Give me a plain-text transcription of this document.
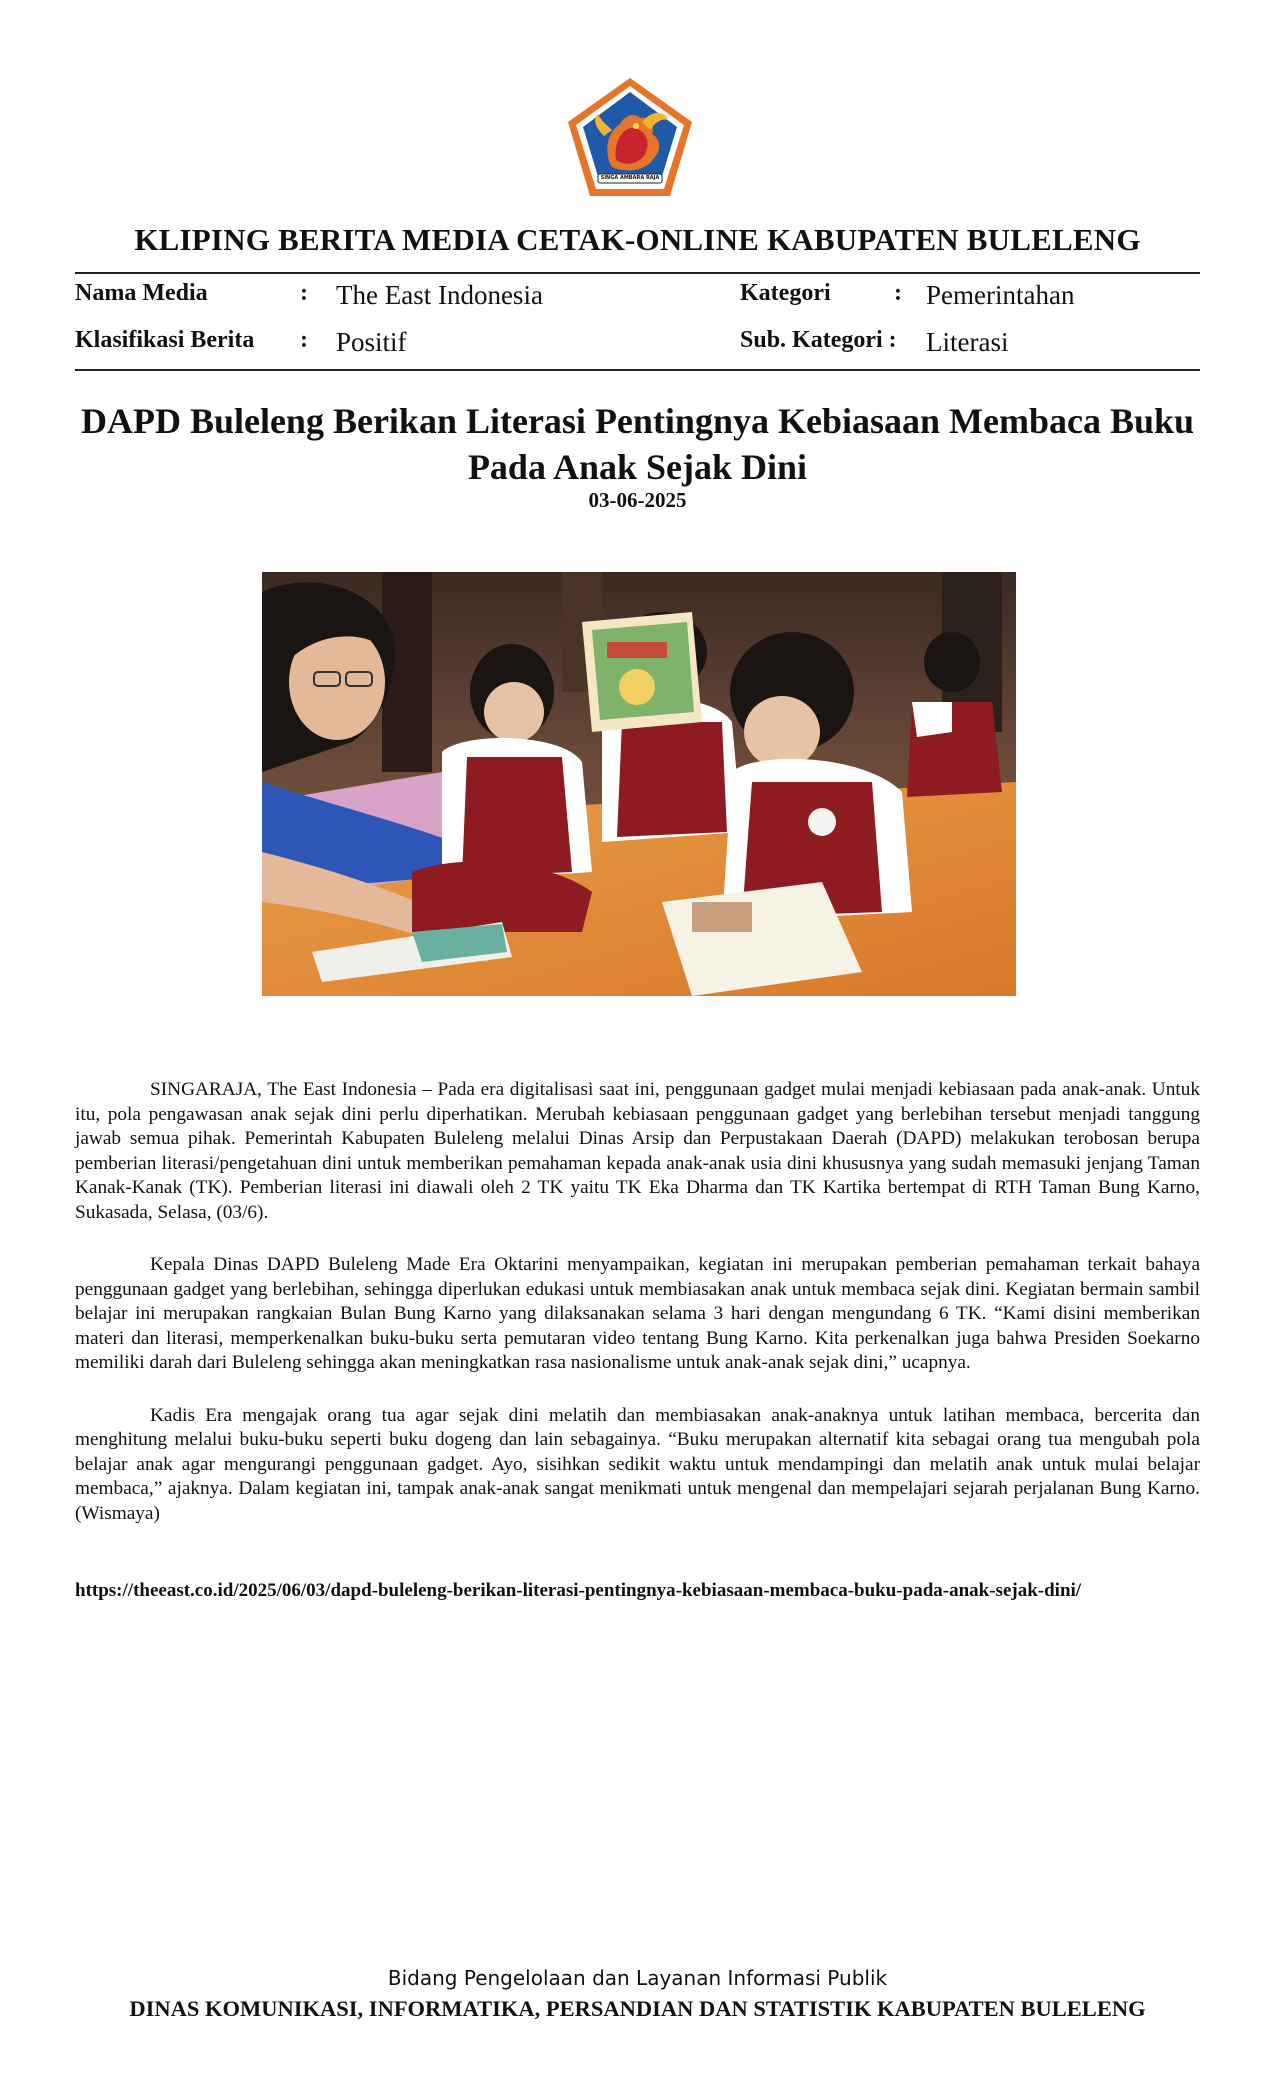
SINGA AMBARA RAJA
KLIPING BERITA MEDIA CETAK-ONLINE KABUPATEN BULELENG
Nama Media	: The East Indonesia	Kategori	: Pemerintahan
Klasifikasi Berita : Positif	Sub. Kategori : Literasi
DAPD Buleleng Berikan Literasi Pentingnya Kebiasaan Membaca Buku Pada Anak Sejak Dini
03-06-2025

SINGARAJA, The East Indonesia – Pada era digitalisasi saat ini, penggunaan gadget mulai menjadi kebiasaan pada anak-anak. Untuk itu, pola pengawasan anak sejak dini perlu diperhatikan. Merubah kebiasaan penggunaan gadget yang berlebihan tersebut menjadi tanggung jawab semua pihak. Pemerintah Kabupaten Buleleng melalui Dinas Arsip dan Perpustakaan Daerah (DAPD) melakukan terobosan berupa pemberian literasi/pengetahuan dini untuk memberikan pemahaman kepada anak-anak usia dini khususnya yang sudah memasuki jenjang Taman Kanak-Kanak (TK). Pemberian literasi ini diawali oleh 2 TK yaitu TK Eka Dharma dan TK Kartika bertempat di RTH Taman Bung Karno, Sukasada, Selasa, (03/6).

Kepala Dinas DAPD Buleleng Made Era Oktarini menyampaikan, kegiatan ini merupakan pemberian pemahaman terkait bahaya penggunaan gadget yang berlebihan, sehingga diperlukan edukasi untuk membiasakan anak untuk membaca sejak dini. Kegiatan bermain sambil belajar ini merupakan rangkaian Bulan Bung Karno yang dilaksanakan selama 3 hari dengan mengundang 6 TK. “Kami disini memberikan materi dan literasi, memperkenalkan buku-buku serta pemutaran video tentang Bung Karno. Kita perkenalkan juga bahwa Presiden Soekarno memiliki darah dari Buleleng sehingga akan meningkatkan rasa nasionalisme untuk anak-anak sejak dini,” ucapnya.

Kadis Era mengajak orang tua agar sejak dini melatih dan membiasakan anak-anaknya untuk latihan membaca, bercerita dan menghitung melalui buku-buku seperti buku dogeng dan lain sebagainya. “Buku merupakan alternatif kita sebagai orang tua mengubah pola belajar anak agar mengurangi penggunaan gadget. Ayo, sisihkan sedikit waktu untuk mendampingi dan melatih anak untuk mulai belajar membaca,” ajaknya. Dalam kegiatan ini, tampak anak-anak sangat menikmati untuk mengenal dan mempelajari sejarah perjalanan Bung Karno.(Wismaya)

https://theeast.co.id/2025/06/03/dapd-buleleng-berikan-literasi-pentingnya-kebiasaan-membaca-buku-pada-anak-sejak-dini/
Bidang Pengelolaan dan Layanan Informasi Publik
DINAS KOMUNIKASI, INFORMATIKA, PERSANDIAN DAN STATISTIK KABUPATEN BULELENG
